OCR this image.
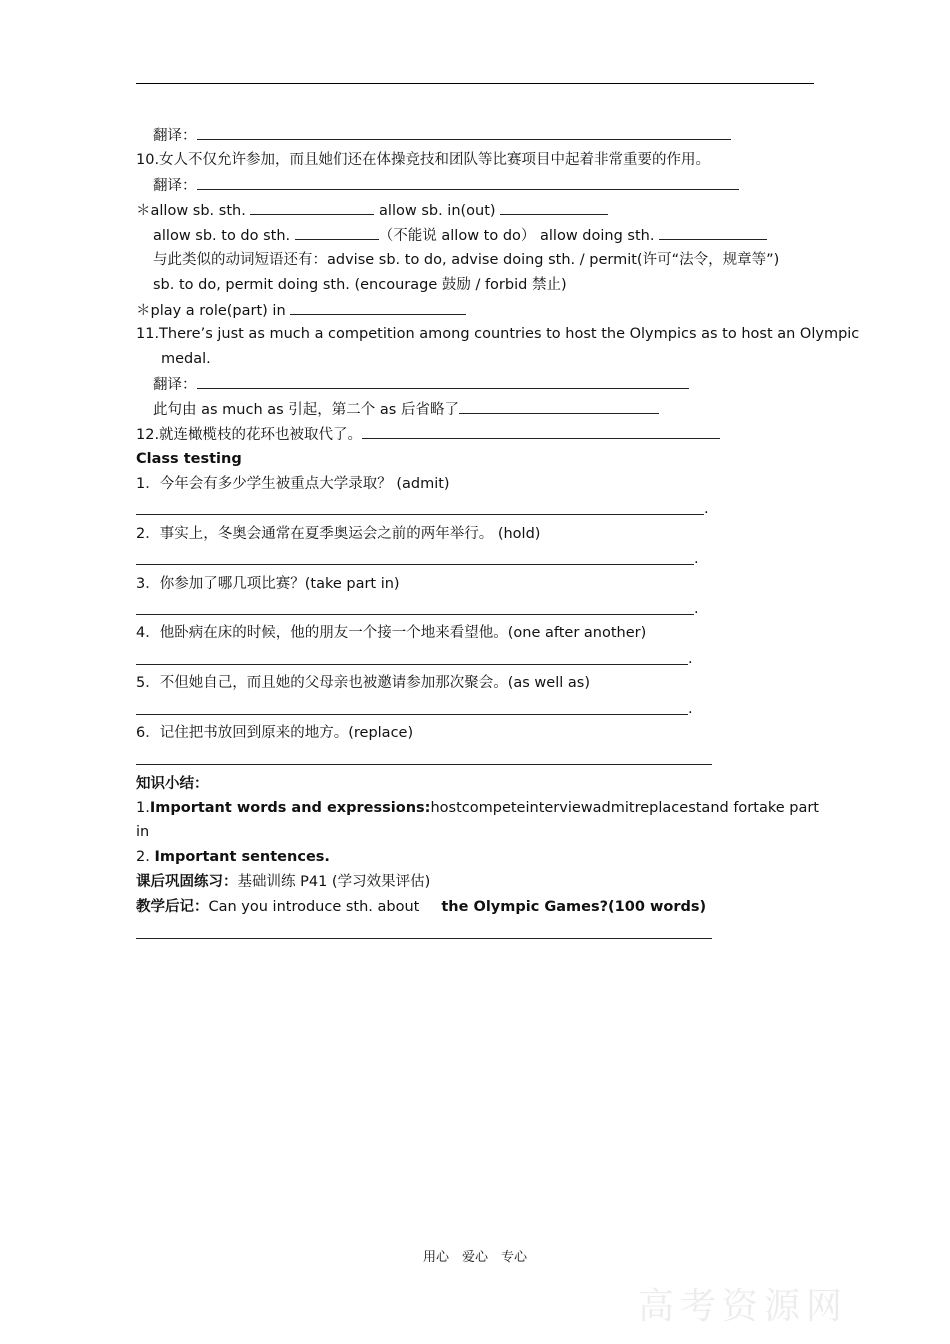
翻译：
10.女人不仅允许参加，而且她们还在体操竞技和团队等比赛项目中起着非常重要的作用。
翻译：
＊allow sb. sth.	allow sb. in(out)
allow sb. to do sth.	（不能说 allow to do） allow doing sth.
与此类似的动词短语还有：advise sb. to do, advise doing sth. / permit(许可“法令，规章等”)
sb. to do, permit doing sth. (encourage 鼓励 / forbid 禁止)
＊play a role(part) in
11.There’s just as much a competition among countries to host the Olympics as to host an Olympic
medal.
翻译：
此句由 as much as 引起，第二个 as 后省略了
12.就连橄榄枝的花环也被取代了。
Class testing
1．今年会有多少学生被重点大学录取？ (admit)
.
2．事实上，冬奥会通常在夏季奥运会之前的两年举行。 (hold)
.
3．你参加了哪几项比赛？(take part in)
.
4．他卧病在床的时候，他的朋友一个接一个地来看望他。(one after another)
.
5．不但她自己，而且她的父母亲也被邀请参加那次聚会。(as well as)
.
6．记住把书放回到原来的地方。(replace)
知识小结：
1.Important words and expressions: host compete interview admit replace stand for take part
in
2. Important sentences.
课后巩固练习：基础训练 P41 (学习效果评估)
教学后记：Can you introduce sth. about the Olympic Games?(100 words)
用心　爱心　专心
高考资源网
